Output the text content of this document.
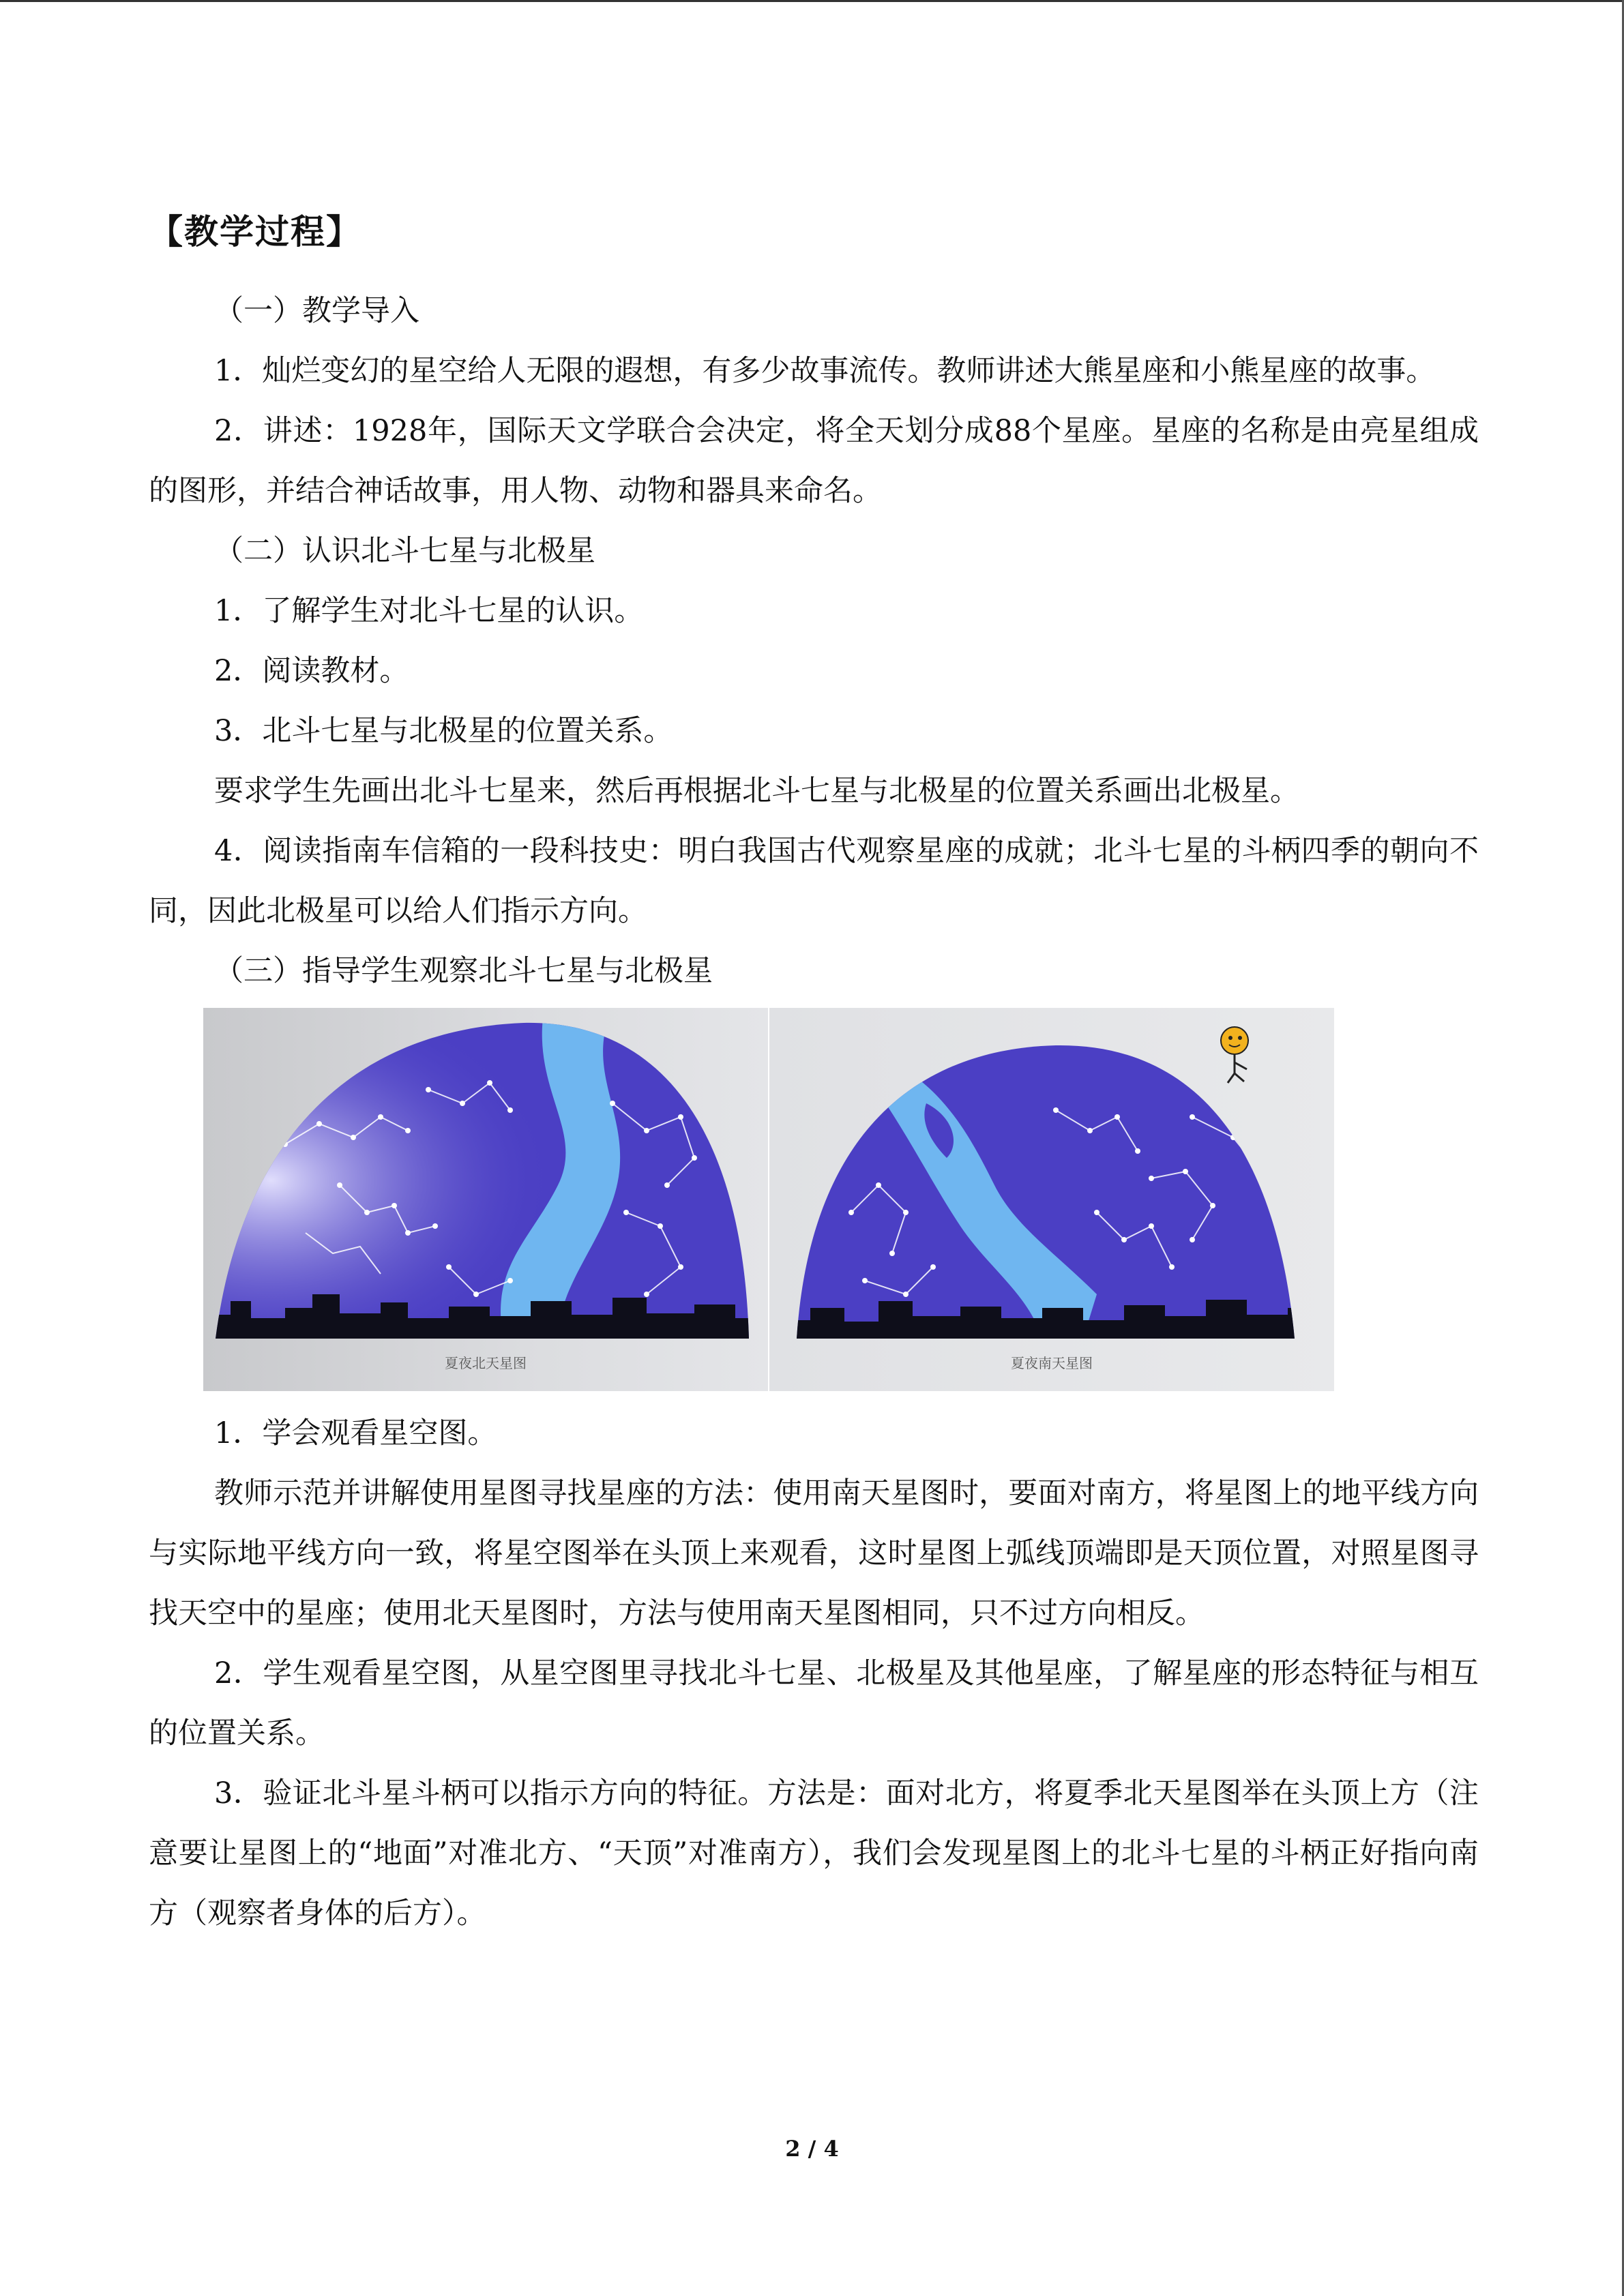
【教学过程】

（一）教学导入

1．灿烂变幻的星空给人无限的遐想，有多少故事流传。教师讲述大熊星座和小熊星座的故事。

2．讲述：1928年，国际天文学联合会决定，将全天划分成88个星座。星座的名称是由亮星组成的图形，并结合神话故事，用人物、动物和器具来命名。

（二）认识北斗七星与北极星

1．了解学生对北斗七星的认识。

2．阅读教材。

3．北斗七星与北极星的位置关系。

要求学生先画出北斗七星来，然后再根据北斗七星与北极星的位置关系画出北极星。

4．阅读指南车信箱的一段科技史：明白我国古代观察星座的成就；北斗七星的斗柄四季的朝向不同，因此北极星可以给人们指示方向。

（三）指导学生观察北斗七星与北极星

夏夜北天星图	夏夜南天星图

1．学会观看星空图。

教师示范并讲解使用星图寻找星座的方法：使用南天星图时，要面对南方，将星图上的地平线方向与实际地平线方向一致，将星空图举在头顶上来观看，这时星图上弧线顶端即是天顶位置，对照星图寻找天空中的星座；使用北天星图时，方法与使用南天星图相同，只不过方向相反。

2．学生观看星空图，从星空图里寻找北斗七星、北极星及其他星座，了解星座的形态特征与相互的位置关系。

3．验证北斗星斗柄可以指示方向的特征。方法是：面对北方，将夏季北天星图举在头顶上方（注意要让星图上的“地面”对准北方、“天顶”对准南方），我们会发现星图上的北斗七星的斗柄正好指向南方（观察者身体的后方）。

2 / 4
